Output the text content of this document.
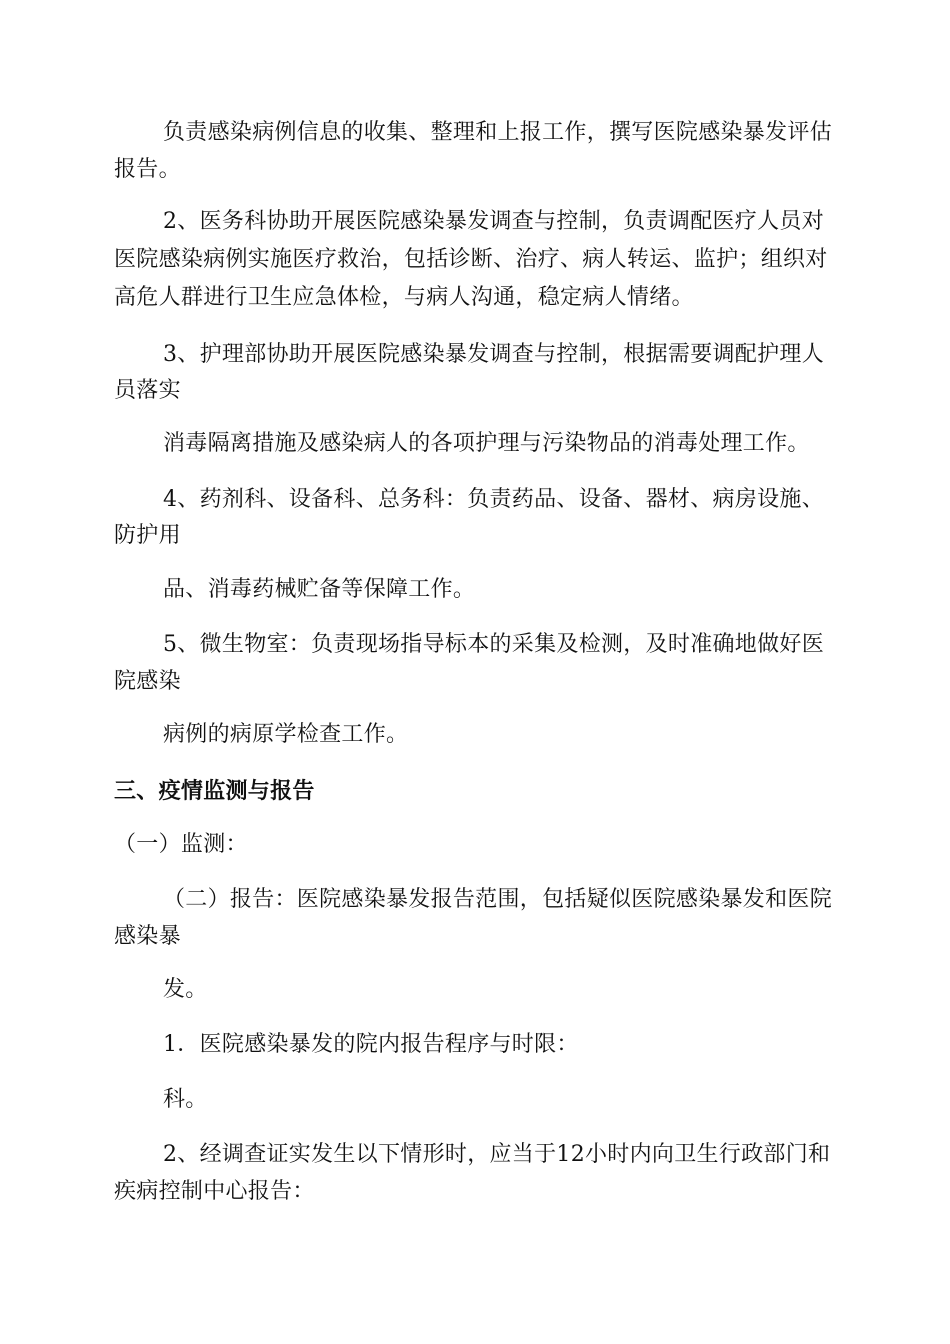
负责感染病例信息的收集、整理和上报工作，撰写医院感染暴发评估
报告。
2、医务科协助开展医院感染暴发调查与控制，负责调配医疗人员对
医院感染病例实施医疗救治，包括诊断、治疗、病人转运、监护；组织对
高危人群进行卫生应急体检，与病人沟通，稳定病人情绪。
3、护理部协助开展医院感染暴发调查与控制，根据需要调配护理人
员落实
消毒隔离措施及感染病人的各项护理与污染物品的消毒处理工作。
4、药剂科、设备科、总务科：负责药品、设备、器材、病房设施、
防护用
品、消毒药械贮备等保障工作。
5、微生物室：负责现场指导标本的采集及检测，及时准确地做好医
院感染
病例的病原学检查工作。
三、疫情监测与报告
（一）监测：
（二）报告：医院感染暴发报告范围，包括疑似医院感染暴发和医院
感染暴
发。
1．医院感染暴发的院内报告程序与时限：
科。
2、经调查证实发生以下情形时，应当于12小时内向卫生行政部门和
疾病控制中心报告：
